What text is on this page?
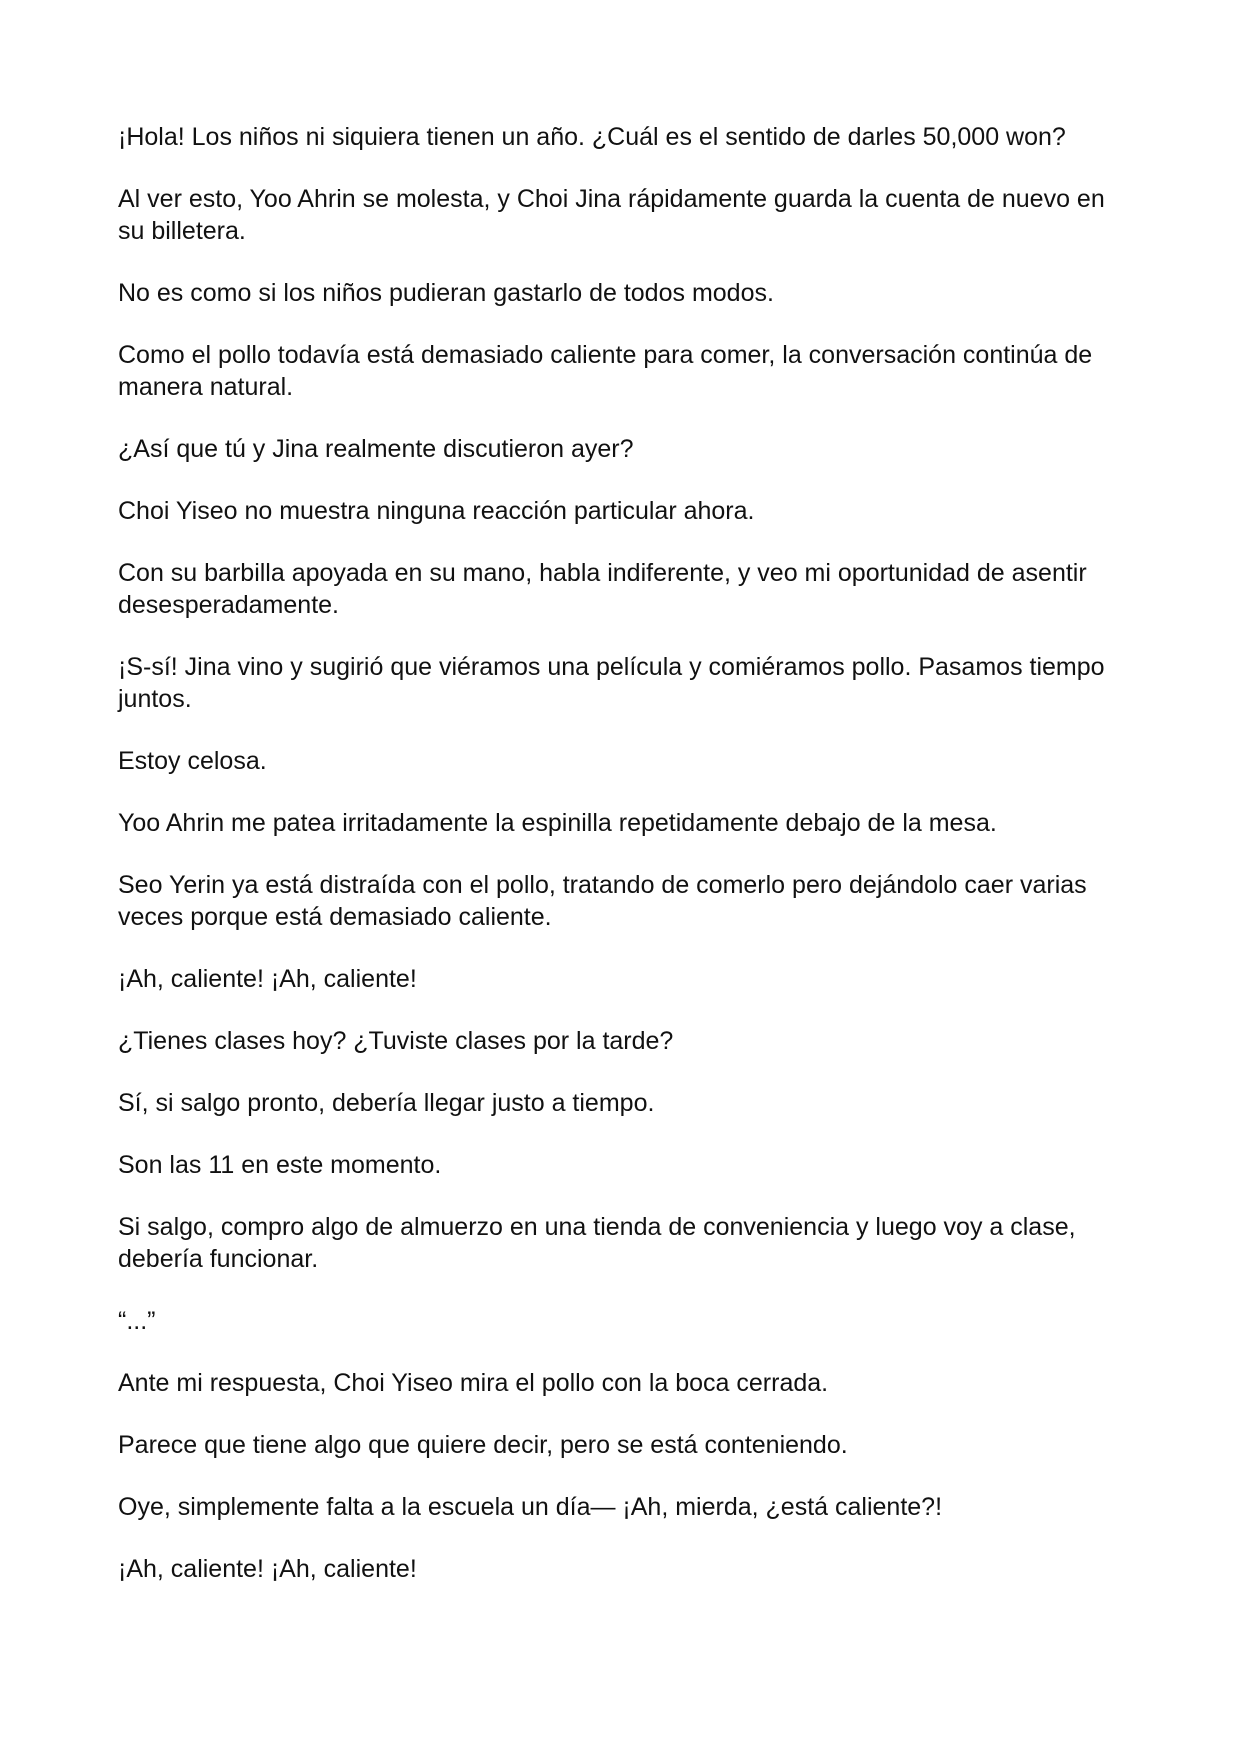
¡Hola! Los niños ni siquiera tienen un año. ¿Cuál es el sentido de darles 50,000 won?

Al ver esto, Yoo Ahrin se molesta, y Choi Jina rápidamente guarda la cuenta de nuevo en su billetera.

No es como si los niños pudieran gastarlo de todos modos.

Como el pollo todavía está demasiado caliente para comer, la conversación continúa de manera natural.

¿Así que tú y Jina realmente discutieron ayer?

Choi Yiseo no muestra ninguna reacción particular ahora.

Con su barbilla apoyada en su mano, habla indiferente, y veo mi oportunidad de asentir desesperadamente.

¡S-sí! Jina vino y sugirió que viéramos una película y comiéramos pollo. Pasamos tiempo juntos.

Estoy celosa.

Yoo Ahrin me patea irritadamente la espinilla repetidamente debajo de la mesa.

Seo Yerin ya está distraída con el pollo, tratando de comerlo pero dejándolo caer varias veces porque está demasiado caliente.

¡Ah, caliente! ¡Ah, caliente!

¿Tienes clases hoy? ¿Tuviste clases por la tarde?

Sí, si salgo pronto, debería llegar justo a tiempo.

Son las 11 en este momento.

Si salgo, compro algo de almuerzo en una tienda de conveniencia y luego voy a clase, debería funcionar.

“...”

Ante mi respuesta, Choi Yiseo mira el pollo con la boca cerrada.

Parece que tiene algo que quiere decir, pero se está conteniendo.

Oye, simplemente falta a la escuela un día— ¡Ah, mierda, ¿está caliente?!

¡Ah, caliente! ¡Ah, caliente!
